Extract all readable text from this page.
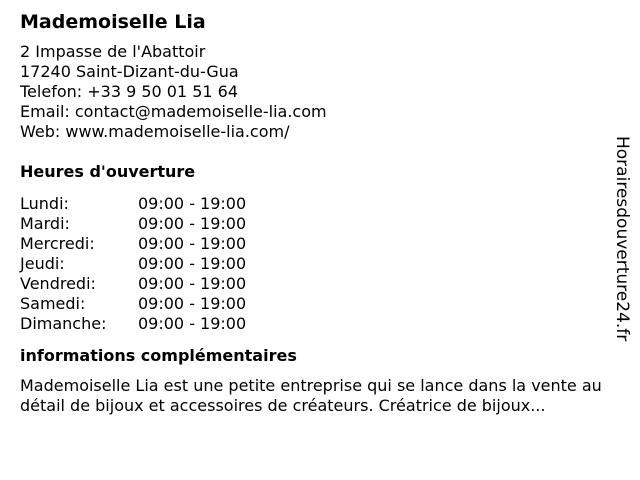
Mademoiselle Lia
2 Impasse de l'Abattoir
17240 Saint-Dizant-du-Gua
Telefon: +33 9 50 01 51 64
Email: contact@mademoiselle-lia.com
Web: www.mademoiselle-lia.com/
Heures d'ouverture
Lundi:	09:00 - 19:00
Mardi:	09:00 - 19:00
Mercredi:	09:00 - 19:00
Jeudi:	09:00 - 19:00
Vendredi:	09:00 - 19:00
Samedi:	09:00 - 19:00
Dimanche:	09:00 - 19:00
informations complémentaires
Mademoiselle Lia est une petite entreprise qui se lance dans la vente au détail de bijoux et accessoires de créateurs. Créatrice de bijoux...
Horairesdouverture24.fr
